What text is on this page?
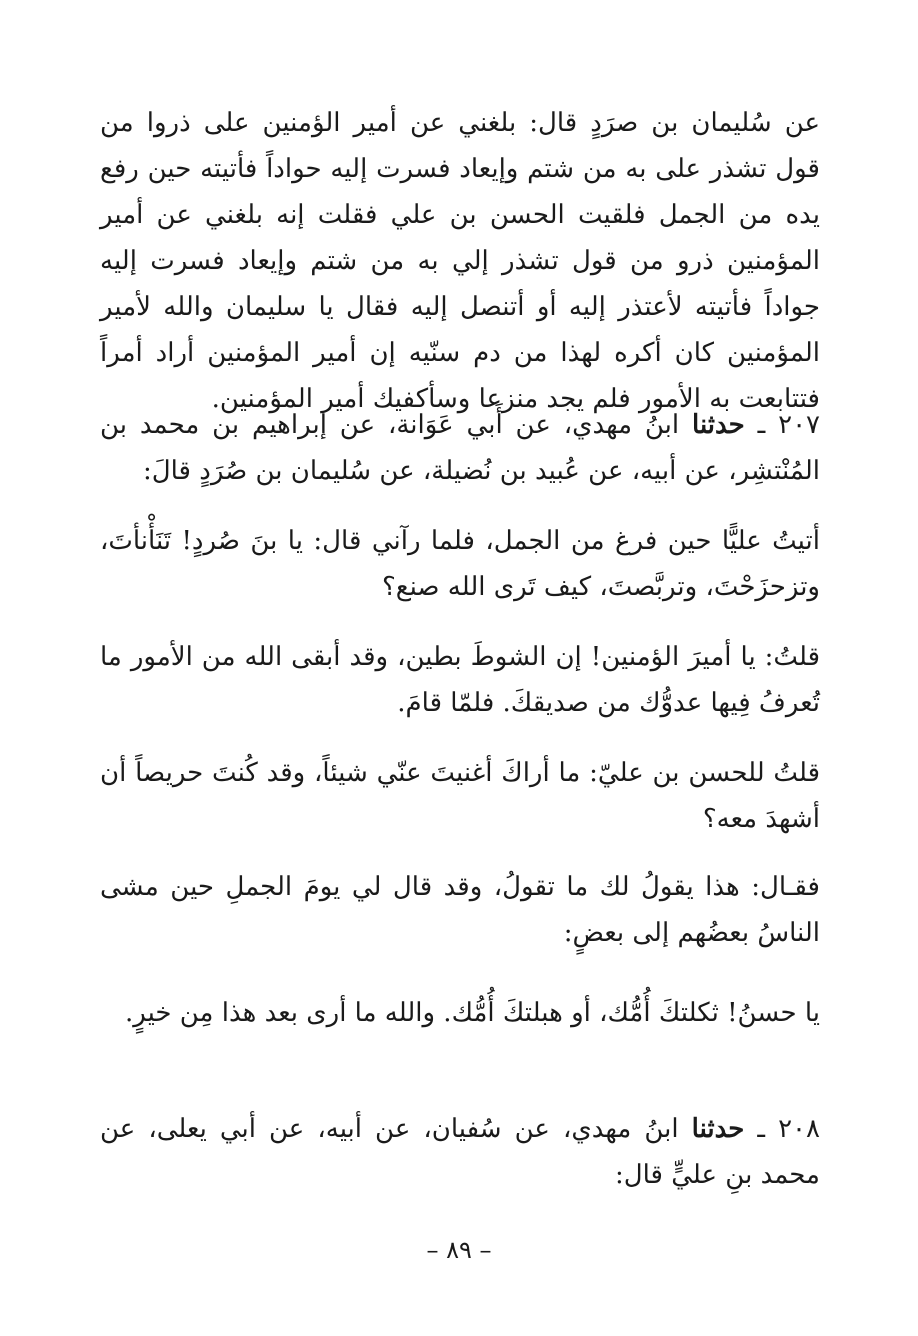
عن سُليمان بن صرَدٍ قال: بلغني عن أمير الؤمنين على ذروا من قول تشذر على به من شتم وإيعاد فسرت إليه حواداً فأتيته حين رفع يده من الجمل فلقيت الحسن بن علي فقلت إنه بلغني عن أمير المؤمنين ذرو من قول تشذر إلي به من شتم وإيعاد فسرت إليه جواداً فأتيته لأعتذر إليه أو أتنصل إليه فقال يا سليمان والله لأمير المؤمنين كان أكره لهذا من دم سنّيه إن أمير المؤمنين أراد أمراً فتتابعت به الأمور فلم يجد منزعا وسأكفيك أمير المؤمنين.

٢٠٧ ـ حدثنا ابنُ مهدي، عن أَبي عَوَانة، عن إبراهيم بن محمد بن المُنْتشِر، عن أبيه، عن عُبيد بن نُضيلة، عن سُليمان بن صُرَدٍ قالَ:

أتيتُ عليًّا حين فرغ من الجمل، فلما رآني قال: يا بنَ صُردٍ! تَنَأْنأتَ، وتزحزَحْتَ، وتربَّصتَ، كيف تَرى الله صنع؟

قلتُ: يا أميرَ الؤمنين! إن الشوطَ بطين، وقد أبقى الله من الأمور ما تُعرفُ فِيها عدوُّك من صديقكَ. فلمّا قامَ.

قلتُ للحسن بن عليّ: ما أراكَ أغنيتَ عنّي شيئاً، وقد كُنتَ حريصاً أن أشهدَ معه؟

فقـال: هذا يقولُ لك ما تقولُ، وقد قال لي يومَ الجملِ حين مشى الناسُ بعضُهم إلى بعضٍ:

يا حسنُ! ثكلتكَ أُمُّك، أو هبلتكَ أُمُّك. والله ما أرى بعد هذا مِن خيرٍ.

٢٠٨ ـ حدثنا ابنُ مهدي، عن سُفيان، عن أبيه، عن أبي يعلى، عن محمد بنِ عليٍّ قال:

– ٨٩ –
